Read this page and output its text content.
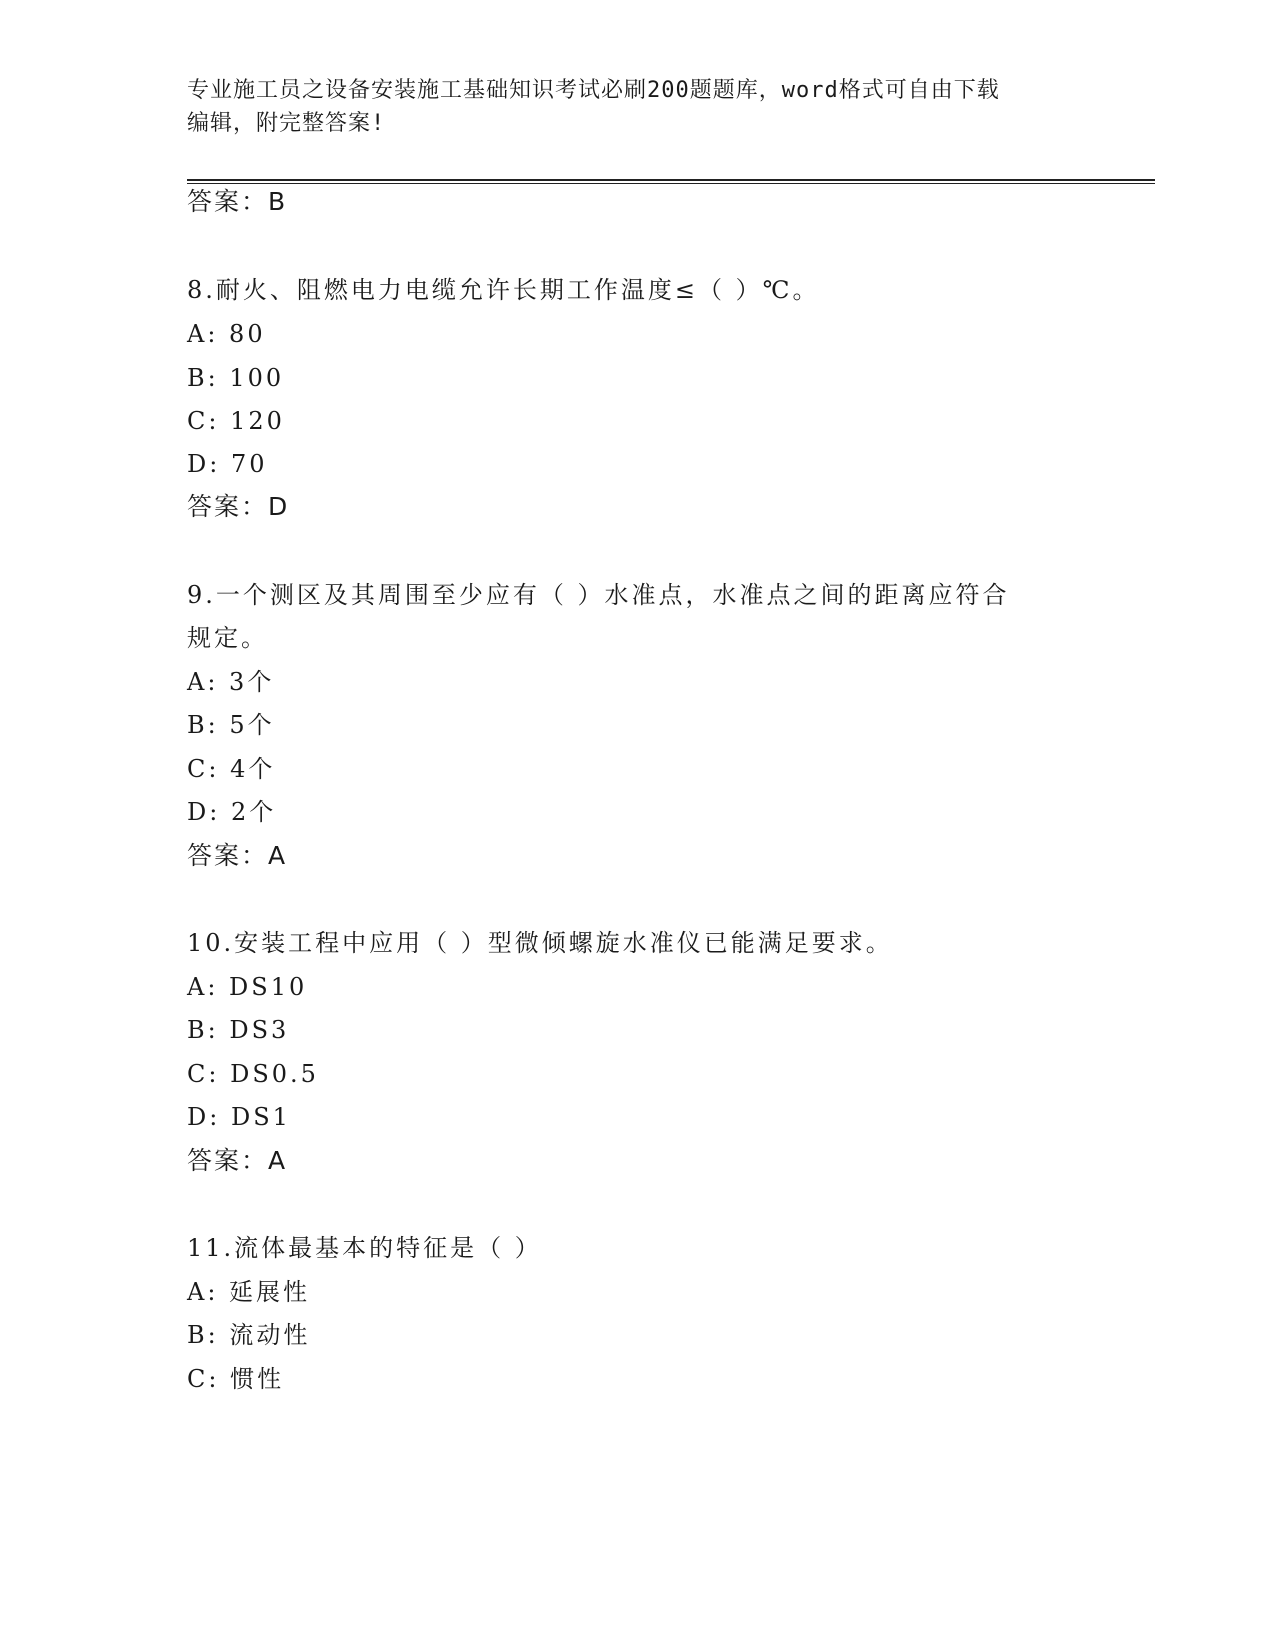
专业施工员之设备安装施工基础知识考试必刷200题题库，word格式可自由下载
编辑，附完整答案!
答案：B
8.耐火、阻燃电力电缆允许长期工作温度≤（ ）℃。
A: 80
B: 100
C: 120
D: 70
答案：D
9.一个测区及其周围至少应有（ ）水准点，水准点之间的距离应符合
规定。
A: 3个
B: 5个
C: 4个
D: 2个
答案：A
10.安装工程中应用（ ）型微倾螺旋水准仪已能满足要求。
A: DS10
B: DS3
C: DS0.5
D: DS1
答案：A
11.流体最基本的特征是（ ）
A: 延展性
B: 流动性
C: 惯性
